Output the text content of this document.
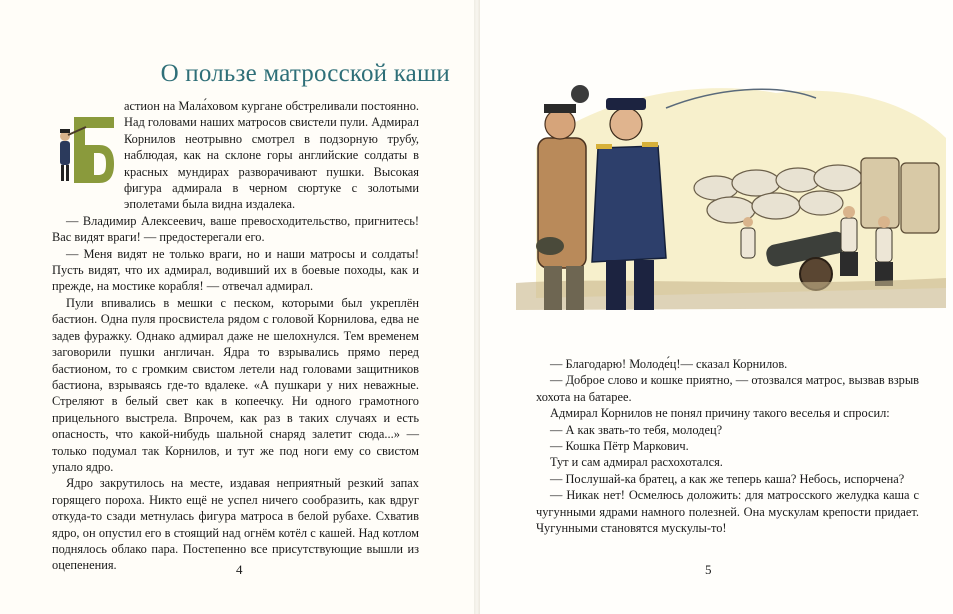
О пользе матросской каши

астион на Мала́ховом кургане обстреливали постоянно. Над головами наших матросов свистели пули. Адмирал Корнилов неотрывно смотрел в подзорную трубу, наблюдая, как на склоне горы английские солдаты в красных мундирах разворачивают пушки. Высокая фигура адмирала в черном сюртуке с золотыми эполетами была видна издалека.

— Владимир Алексеевич, ваше превосходительство, пригнитесь! Вас видят враги! — предостерегали его.

— Меня видят не только враги, но и наши матросы и солдаты! Пусть видят, что их адмирал, водивший их в боевые походы, как и прежде, на мостике корабля! — отвечал адмирал.

Пули впивались в мешки с песком, которыми был укреплён бастион. Одна пуля просвистела рядом с головой Корнилова, едва не задев фуражку. Однако адмирал даже не шелохнулся. Тем временем заговорили пушки англичан. Ядра то взрывались прямо перед бастионом, то с громким свистом летели над головами защитников бастиона, взрываясь где-то вдалеке. «А пушкари у них неважные. Стреляют в белый свет как в копеечку. Ни одного грамотного прицельного выстрела. Впрочем, как раз в таких случаях и есть опасность, что какой-нибудь шальной снаряд залетит сюда...» — только подумал так Корнилов, и тут же под ноги ему со свистом упало ядро.

Ядро закрутилось на месте, издавая неприятный резкий запах горящего пороха. Никто ещё не успел ничего сообразить, как вдруг откуда-то сзади метнулась фигура матроса в белой рубахе. Схватив ядро, он опустил его в стоящий над огнём котёл с кашей. Над котлом поднялось облако пара. Постепенно все присутствующие вышли из оцепенения.	4

— Благодарю! Молоде́ц!— сказал Корнилов.

— Доброе слово и кошке приятно, — отозвался матрос, вызвав взрыв хохота на батарее.

Адмирал Корнилов не понял причину такого веселья и спросил:

— А как звать-то тебя, молодец?

— Кошка Пётр Маркович.

Тут и сам адмирал расхохотался.

— Послушай-ка братец, а как же теперь каша? Небось, испорчена?

— Никак нет! Осмелюсь доложить: для матросского желудка каша с чугунными ядрами намного полезней. Она мускулам крепости придает. Чугунными становятся мускулы-то!

5
